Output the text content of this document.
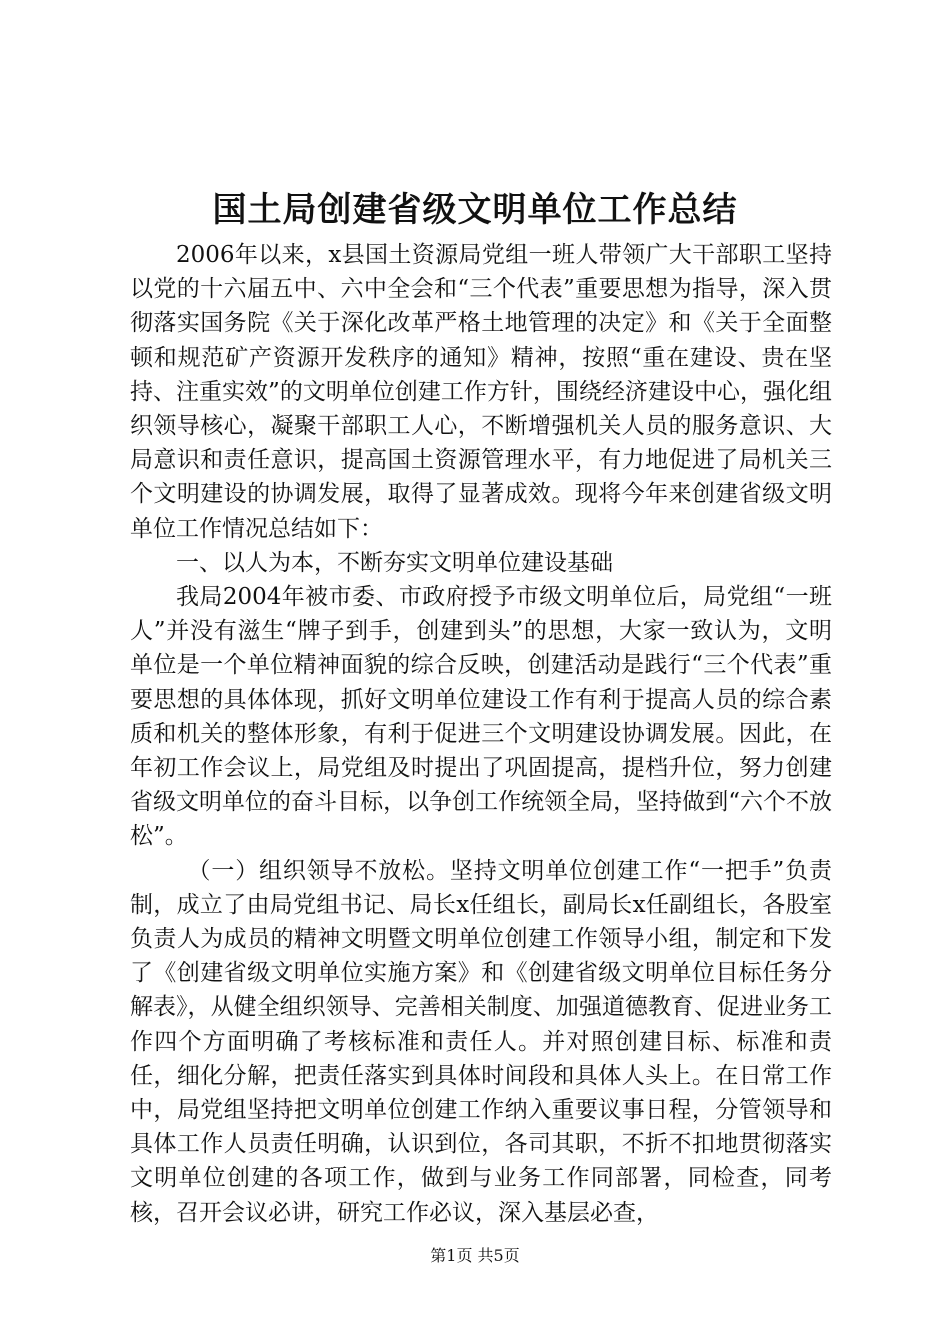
国土局创建省级文明单位工作总结

2006年以来，x县国土资源局党组一班人带领广大干部职工坚持以党的十六届五中、六中全会和“三个代表”重要思想为指导，深入贯彻落实国务院《关于深化改革严格土地管理的决定》和《关于全面整顿和规范矿产资源开发秩序的通知》精神，按照“重在建设、贵在坚持、注重实效”的文明单位创建工作方针，围绕经济建设中心，强化组织领导核心，凝聚干部职工人心，不断增强机关人员的服务意识、大局意识和责任意识，提高国土资源管理水平，有力地促进了局机关三个文明建设的协调发展，取得了显著成效。现将今年来创建省级文明单位工作情况总结如下：

一、以人为本，不断夯实文明单位建设基础

我局2004年被市委、市政府授予市级文明单位后，局党组“一班人”并没有滋生“牌子到手，创建到头”的思想，大家一致认为，文明单位是一个单位精神面貌的综合反映，创建活动是践行“三个代表”重要思想的具体体现，抓好文明单位建设工作有利于提高人员的综合素质和机关的整体形象，有利于促进三个文明建设协调发展。因此，在年初工作会议上，局党组及时提出了巩固提高，提档升位，努力创建省级文明单位的奋斗目标，以争创工作统领全局，坚持做到“六个不放松”。

（一）组织领导不放松。坚持文明单位创建工作“一把手”负责制，成立了由局党组书记、局长x任组长，副局长x任副组长，各股室负责人为成员的精神文明暨文明单位创建工作领导小组，制定和下发了《创建省级文明单位实施方案》和《创建省级文明单位目标任务分解表》，从健全组织领导、完善相关制度、加强道德教育、促进业务工作四个方面明确了考核标准和责任人。并对照创建目标、标准和责任，细化分解，把责任落实到具体时间段和具体人头上。在日常工作中，局党组坚持把文明单位创建工作纳入重要议事日程，分管领导和具体工作人员责任明确，认识到位，各司其职，不折不扣地贯彻落实文明单位创建的各项工作，做到与业务工作同部署，同检查，同考核，召开会议必讲，研究工作必议，深入基层必查，

第1页 共5页
